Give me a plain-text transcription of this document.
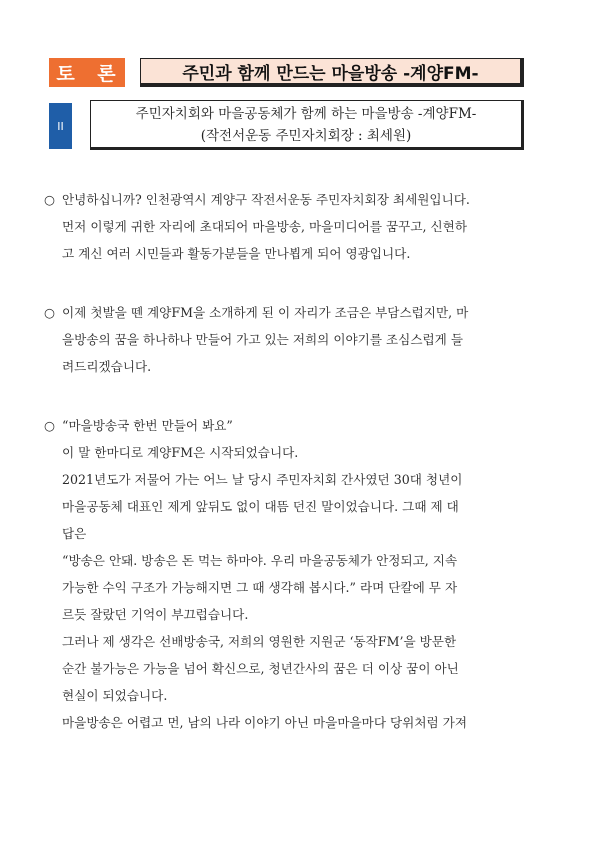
토 론	주민과 함께 만드는 마을방송 -계양FM-
II
주민자치회와 마을공동체가 함께 하는 마을방송 -계양FM-
(작전서운동 주민자치회장 : 최세원)
○ 안녕하십니까? 인천광역시 계양구 작전서운동 주민자치회장 최세원입니다.
먼저 이렇게 귀한 자리에 초대되어 마을방송, 마을미디어를 꿈꾸고, 신현하
고 계신 여러 시민들과 활동가분들을 만나뵙게 되어 영광입니다.
○ 이제 첫발을 뗀 계양FM을 소개하게 된 이 자리가 조금은 부담스럽지만, 마
을방송의 꿈을 하나하나 만들어 가고 있는 저희의 이야기를 조심스럽게 들
려드리겠습니다.
○ “마을방송국 한번 만들어 봐요”
이 말 한마디로 계양FM은 시작되었습니다.
2021년도가 저물어 가는 어느 날 당시 주민자치회 간사였던 30대 청년이
마을공동체 대표인 제게 앞뒤도 없이 대뜸 던진 말이었습니다. 그때 제 대
답은
“방송은 안돼. 방송은 돈 먹는 하마야. 우리 마을공동체가 안정되고, 지속
가능한 수익 구조가 가능해지면 그 때 생각해 봅시다.” 라며 단칼에 무 자
르듯 잘랐던 기억이 부끄럽습니다.
그러나 제 생각은 선배방송국, 저희의 영원한 지원군 ‘동작FM’을 방문한
순간 불가능은 가능을 넘어 확신으로, 청년간사의 꿈은 더 이상 꿈이 아닌
현실이 되었습니다.
마을방송은 어렵고 먼, 남의 나라 이야기 아닌 마을마을마다 당위처럼 가져
